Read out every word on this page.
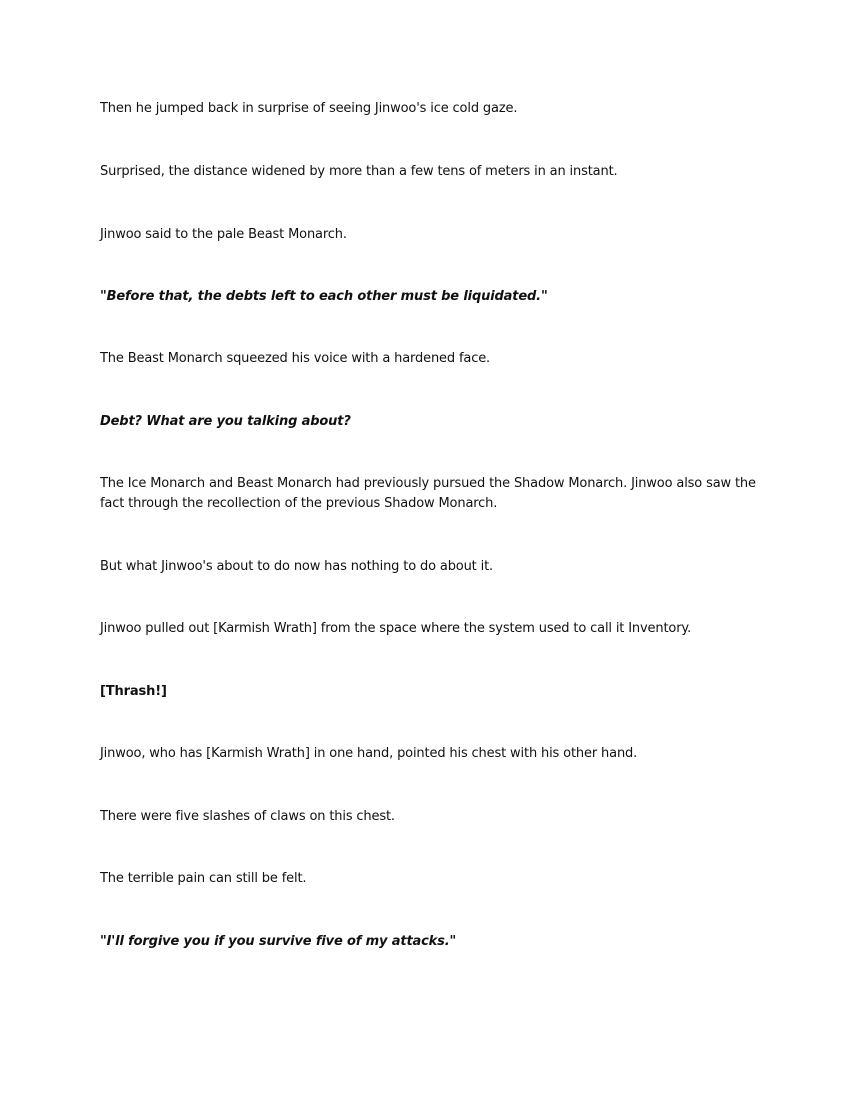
Then he jumped back in surprise of seeing Jinwoo's ice cold gaze.

Surprised, the distance widened by more than a few tens of meters in an instant.

Jinwoo said to the pale Beast Monarch.

"Before that, the debts left to each other must be liquidated."

The Beast Monarch squeezed his voice with a hardened face.

Debt? What are you talking about?

The Ice Monarch and Beast Monarch had previously pursued the Shadow Monarch. Jinwoo also saw the fact through the recollection of the previous Shadow Monarch.

But what Jinwoo's about to do now has nothing to do about it.

Jinwoo pulled out [Karmish Wrath] from the space where the system used to call it Inventory.

[Thrash!]

Jinwoo, who has [Karmish Wrath] in one hand, pointed his chest with his other hand.

There were five slashes of claws on this chest.

The terrible pain can still be felt.

"I'll forgive you if you survive five of my attacks."
